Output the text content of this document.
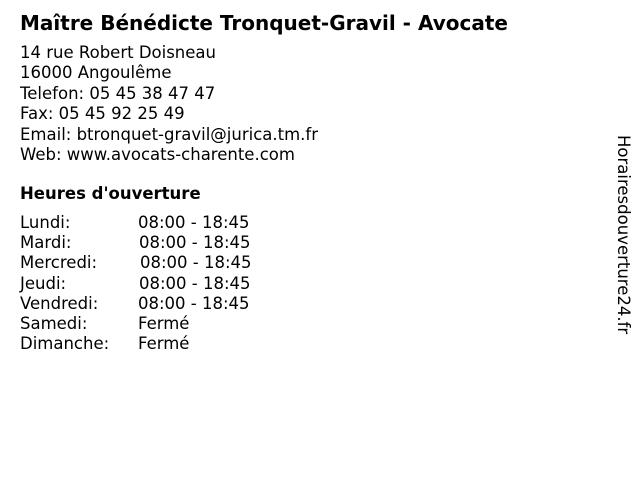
Maître Bénédicte Tronquet-Gravil - Avocate
14 rue Robert Doisneau
16000 Angoulême
Telefon: 05 45 38 47 47
Fax: 05 45 92 25 49
Email: btronquet-gravil@jurica.tm.fr
Web: www.avocats-charente.com
Heures d'ouverture
Lundi:	08:00 - 18:45
Mardi:	08:00 - 18:45
Mercredi:	08:00 - 18:45
Jeudi:	08:00 - 18:45
Vendredi: 08:00 - 18:45
Samedi:	Fermé
Dimanche: Fermé
Horairesdouverture24.fr
